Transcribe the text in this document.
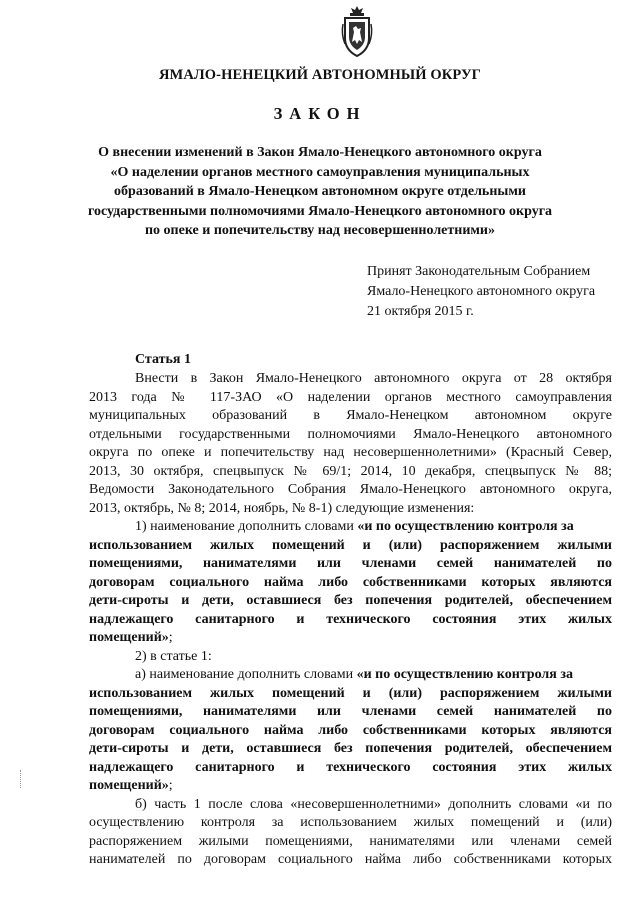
ЯМАЛО-НЕНЕЦКИЙ АВТОНОМНЫЙ ОКРУГ
ЗАКОН
О внесении изменений в Закон Ямало-Ненецкого автономного округа
«О наделении органов местного самоуправления муниципальных
образований в Ямало-Ненецком автономном округе отдельными
государственными полномочиями Ямало-Ненецкого автономного округа
по опеке и попечительству над несовершеннолетними»
Принят Законодательным Собранием
Ямало-Ненецкого автономного округа
21 октября 2015 г.
Статья 1
Внести в Закон Ямало-Ненецкого автономного округа от 28 октября
2013 года № 117-ЗАО «О наделении органов местного самоуправления
муниципальных образований в Ямало-Ненецком автономном округе
отдельными государственными полномочиями Ямало-Ненецкого автономного
округа по опеке и попечительству над несовершеннолетними» (Красный Север,
2013, 30 октября, спецвыпуск № 69/1; 2014, 10 декабря, спецвыпуск № 88;
Ведомости Законодательного Собрания Ямало-Ненецкого автономного округа,
2013, октябрь, № 8; 2014, ноябрь, № 8-1) следующие изменения:
1) наименование дополнить словами «и по осуществлению контроля за
использованием жилых помещений и (или) распоряжением жилыми
помещениями, нанимателями или членами семей нанимателей по
договорам социального найма либо собственниками которых являются
дети-сироты и дети, оставшиеся без попечения родителей, обеспечением
надлежащего санитарного и технического состояния этих жилых
помещений»;
2) в статье 1:
а) наименование дополнить словами «и по осуществлению контроля за
использованием жилых помещений и (или) распоряжением жилыми
помещениями, нанимателями или членами семей нанимателей по
договорам социального найма либо собственниками которых являются
дети-сироты и дети, оставшиеся без попечения родителей, обеспечением
надлежащего санитарного и технического состояния этих жилых
помещений»;
б) часть 1 после слова «несовершеннолетними» дополнить словами «и по
осуществлению контроля за использованием жилых помещений и (или)
распоряжением жилыми помещениями, нанимателями или членами семей
нанимателей по договорам социального найма либо собственниками которых
